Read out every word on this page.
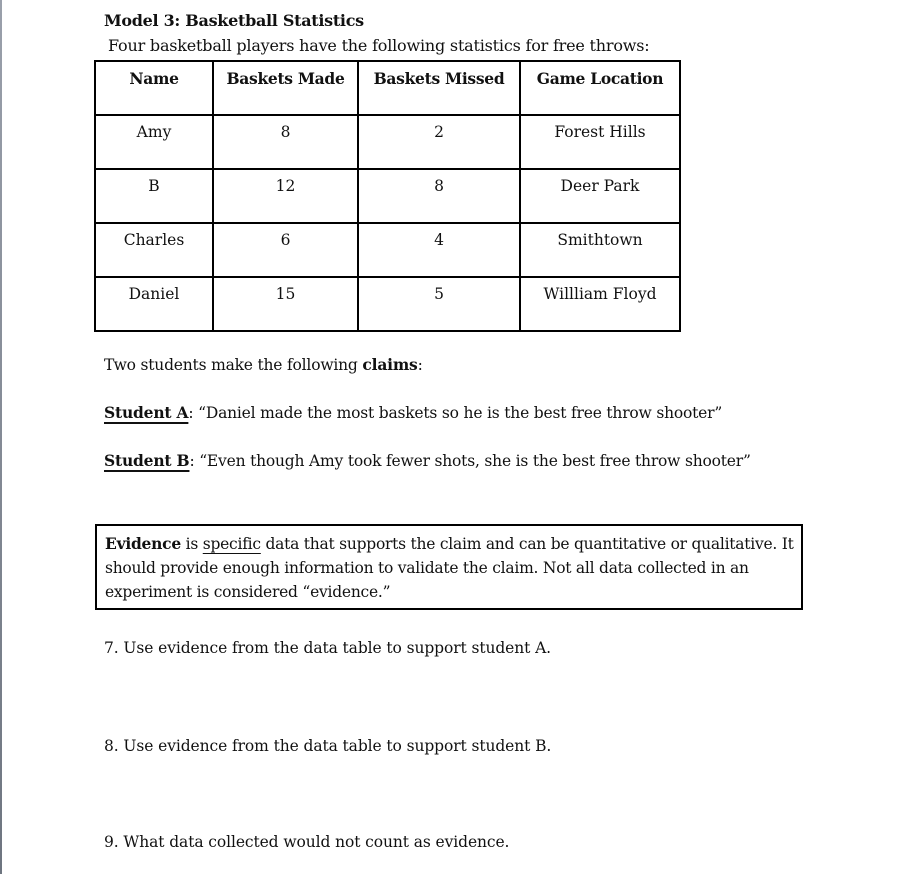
Model 3: Basketball Statistics
Four basketball players have the following statistics for free throws:
Name	Baskets Made	Baskets Missed	Game Location
Amy	8	2	Forest Hills
B	12	8	Deer Park
Charles	6	4	Smithtown
Daniel	15	5	Willliam Floyd
Two students make the following claims:
Student A: “Daniel made the most baskets so he is the best free throw shooter”
Student B: “Even though Amy took fewer shots, she is the best free throw shooter”
Evidence is specific data that supports the claim and can be quantitative or qualitative. It should provide enough information to validate the claim. Not all data collected in an experiment is considered “evidence.”
7. Use evidence from the data table to support student A.
8. Use evidence from the data table to support student B.
9. What data collected would not count as evidence.
